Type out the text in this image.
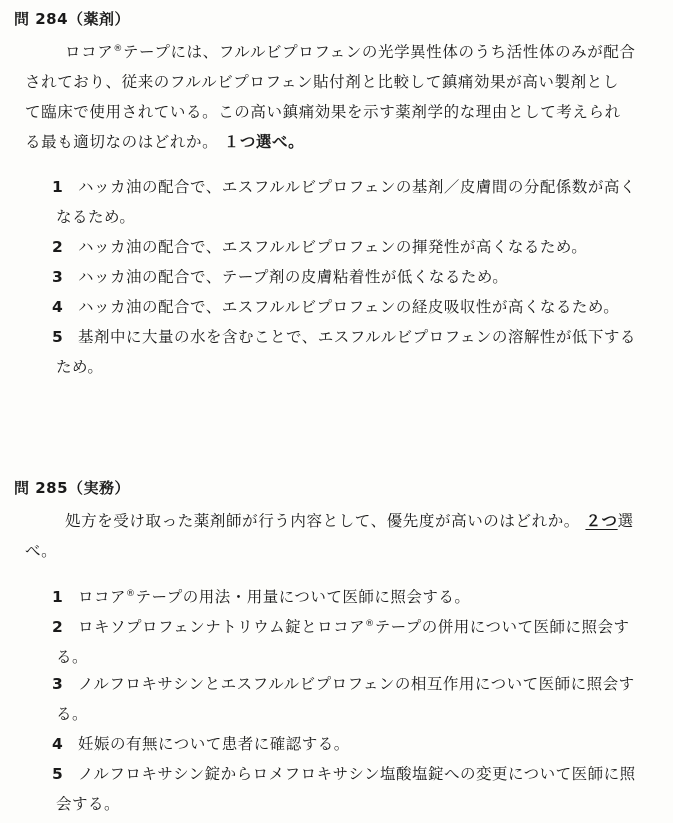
問 284（薬剤）

ロコア®テープには、フルルビプロフェンの光学異性体のうち活性体のみが配合
されており、従来のフルルビプロフェン貼付剤と比較して鎮痛効果が高い製剤とし
て臨床で使用されている。この高い鎮痛効果を示す薬剤学的な理由として考えられ
る最も適切なのはどれか。 １つ選べ。

1 ハッカ油の配合で、エスフルルビプロフェンの基剤／皮膚間の分配係数が高く
なるため。

2 ハッカ油の配合で、エスフルルビプロフェンの揮発性が高くなるため。

3 ハッカ油の配合で、テープ剤の皮膚粘着性が低くなるため。

4 ハッカ油の配合で、エスフルルビプロフェンの経皮吸収性が高くなるため。

5 基剤中に大量の水を含むことで、エスフルルビプロフェンの溶解性が低下する
ため。

問 285（実務）

処方を受け取った薬剤師が行う内容として、優先度が高いのはどれか。 ２つ選
べ。

1 ロコア®テープの用法・用量について医師に照会する。

2 ロキソプロフェンナトリウム錠とロコア®テープの併用について医師に照会す
る。

3 ノルフロキサシンとエスフルルビプロフェンの相互作用について医師に照会す
る。

4 妊娠の有無について患者に確認する。

5 ノルフロキサシン錠からロメフロキサシン塩酸塩錠への変更について医師に照
会する。
